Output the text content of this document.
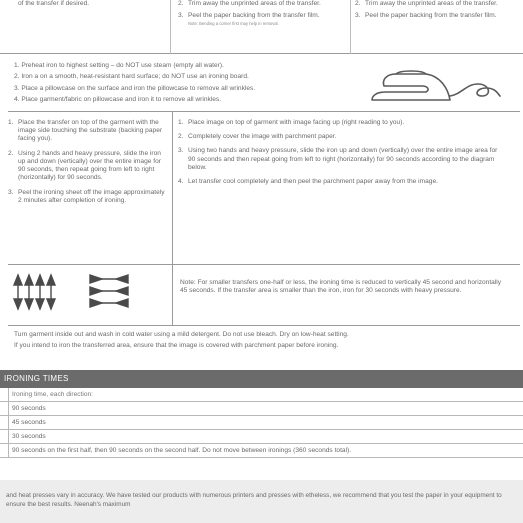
of the transfer if desired.	2. Trim away the unprinted areas of the transfer.
3. Peel the paper backing from the transfer film.
Note: Bending a corner first may help in removal.
2. Trim away the unprinted areas of the transfer.
3. Peel the paper backing from the transfer film.
1. Preheat iron to highest setting – do NOT use steam (empty all water).
2. Iron a on a smooth, heat-resistant hard surface; do NOT use an ironing board.
3. Place a pillowcase on the surface and iron the pillowcase to remove all wrinkles.
4. Place garment/fabric on pillowcase and iron it to remove all wrinkles.
1. Place the transfer on top of the garment with the image side touching the substrate (backing paper facing you).
2. Using 2 hands and heavy pressure, slide the iron up and down (vertically) over the entire image for 90 seconds, then repeat going from left to right (horizontally) for 90 seconds.
3. Peel the ironing sheet off the image approximately 2 minutes after completion of ironing.
1. Place image on top of garment with image facing up (right reading to you).
2. Completely cover the image with parchment paper.
3. Using two hands and heavy pressure, slide the iron up and down (vertically) over the entire image area for 90 seconds and then repeat going from left to right (horizontally) for 90 seconds according to the diagram below.
4. Let transfer cool completely and then peel the parchment paper away from the image.
Note: For smaller transfers one-half or less, the ironing time is reduced to vertically 45 second and horizontally 45 seconds. If the transfer area is smaller than the iron, iron for 30 seconds with heavy pressure.

Turn garment inside out and wash in cold water using a mild detergent. Do not use bleach. Dry on low-heat setting.

If you intend to iron the transferred area, ensure that the image is covered with parchment paper before ironing.

IRONING TIMES
Ironing time, each direction:
90 seconds
45 seconds
30 seconds
90 seconds on the first half, then 90 seconds on the second half. Do not move between ironings (360 seconds total).

and heat presses vary in accuracy. We have tested our products with numerous printers and presses with etheless, we recommend that you test the paper in your equipment to ensure the best results. Neenah's maximum
